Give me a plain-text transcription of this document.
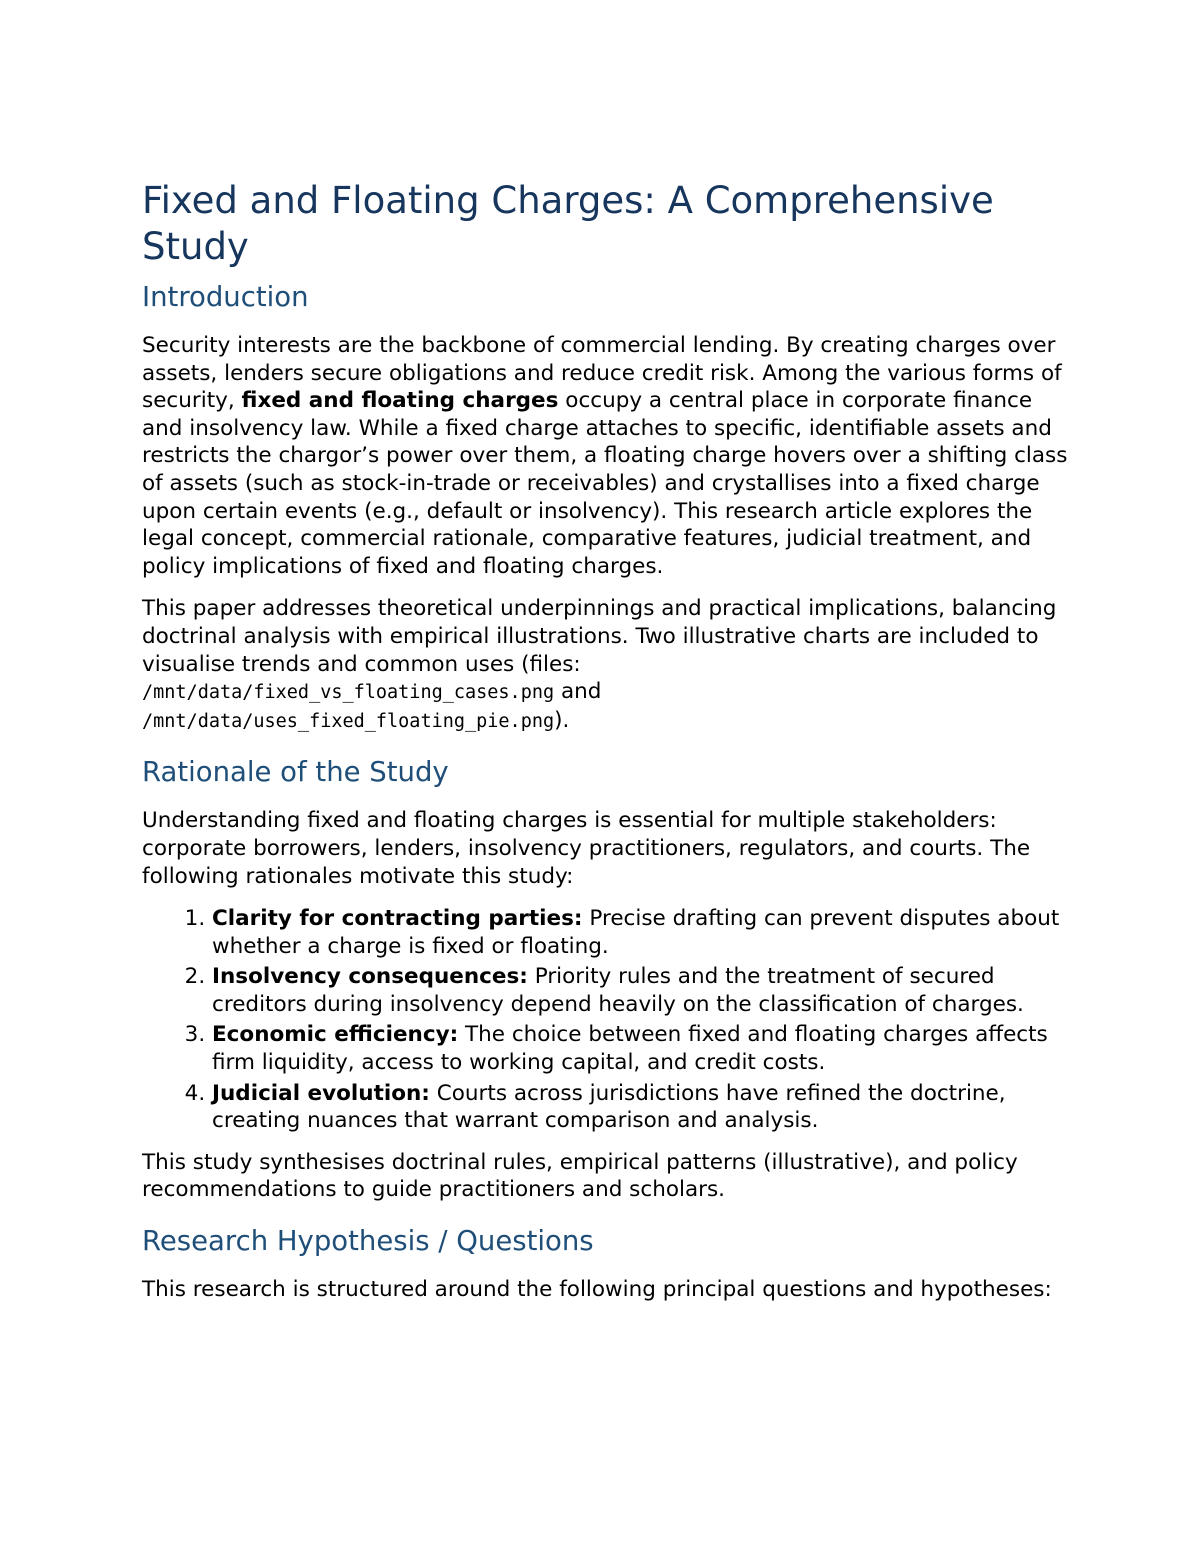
Fixed and Floating Charges: A Comprehensive Study
Introduction

Security interests are the backbone of commercial lending. By creating charges over assets, lenders secure obligations and reduce credit risk. Among the various forms of security, fixed and floating charges occupy a central place in corporate finance and insolvency law. While a fixed charge attaches to specific, identifiable assets and restricts the chargor’s power over them, a floating charge hovers over a shifting class of assets (such as stock-in-trade or receivables) and crystallises into a fixed charge upon certain events (e.g., default or insolvency). This research article explores the legal concept, commercial rationale, comparative features, judicial treatment, and policy implications of fixed and floating charges.

This paper addresses theoretical underpinnings and practical implications, balancing doctrinal analysis with empirical illustrations. Two illustrative charts are included to visualise trends and common uses (files:
/mnt/data/fixed_vs_floating_cases.png and
/mnt/data/uses_fixed_floating_pie.png).

Rationale of the Study

Understanding fixed and floating charges is essential for multiple stakeholders: corporate borrowers, lenders, insolvency practitioners, regulators, and courts. The following rationales motivate this study:

1. Clarity for contracting parties: Precise drafting can prevent disputes about whether a charge is fixed or floating.
2. Insolvency consequences: Priority rules and the treatment of secured creditors during insolvency depend heavily on the classification of charges.
3. Economic efficiency: The choice between fixed and floating charges affects firm liquidity, access to working capital, and credit costs.
4. Judicial evolution: Courts across jurisdictions have refined the doctrine, creating nuances that warrant comparison and analysis.

This study synthesises doctrinal rules, empirical patterns (illustrative), and policy recommendations to guide practitioners and scholars.

Research Hypothesis / Questions

This research is structured around the following principal questions and hypotheses:
